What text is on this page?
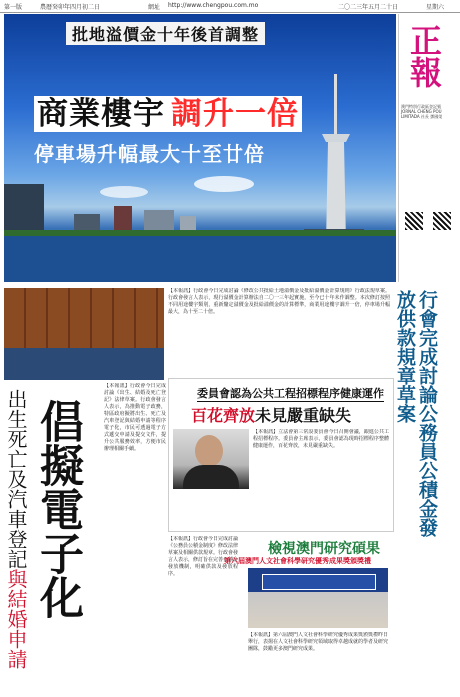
第一版	農曆癸卯年四月初二日	網址 http://www.chengpou.com.mo	二〇二三年五月二十日	星期六
批地溢價金十年後首調整
商業樓宇 調升一倍
停車場升幅最大十至廿倍
正報
澳門特別行政區登記號 JORNAL CHENG POU LIMITADA 社長 鄧國榮
【本報訊】行政會今日完成討論《修改公共批給土地溢價金及批給溢價金計算規則》行政法規草案。行政會發言人表示，現行溢價金計算辦法自二〇一三年起實施，至今已十年未作調整。本次修訂按照不同用途樓宇類別，重新釐定溢價金及批給溢價金的計算標準，商業用途樓宇調升一倍，停車場升幅最大，為十至二十倍。
出生死亡及汽車登記與結婚申請 倡擬電子化
【本報訊】行政會今日完成討論《出生、結婚及死亡登記》法律草案。行政會發言人表示，為推動電子政務，特區政府擬將出生、死亡及汽車登記與結婚申請等程序電子化，市民可透過電子方式遞交申請及提交文件，提升公共服務效率，方便市民辦理相關手續。
委員會認為公共工程招標程序健康運作
百花齊放未見嚴重缺失
【本報訊】立法會第三常設委員會今日召開會議，跟進公共工程招標程序。委員會主席表示，委員會認為現時招標程序整體健康運作，百花齊放，未見嚴重缺失。
【本報訊】行政會今日完成討論《公務員公積金制度》修改法律草案及相關供款規章。行政會發言人表示，修訂旨在完善公積金發放機制，明確供款及發放程序。
檢視澳門研究碩果
第六屆澳門人文社會科學研究優秀成果獎頒獎禮
【本報訊】第六屆澳門人文社會科學研究優秀成果獎頒獎禮昨日舉行，表揚在人文社會科學研究領域取得卓越成就的學者及研究團隊，鼓勵更多澳門研究成果。
行會完成討論公務員公積金發放供款規章草案
